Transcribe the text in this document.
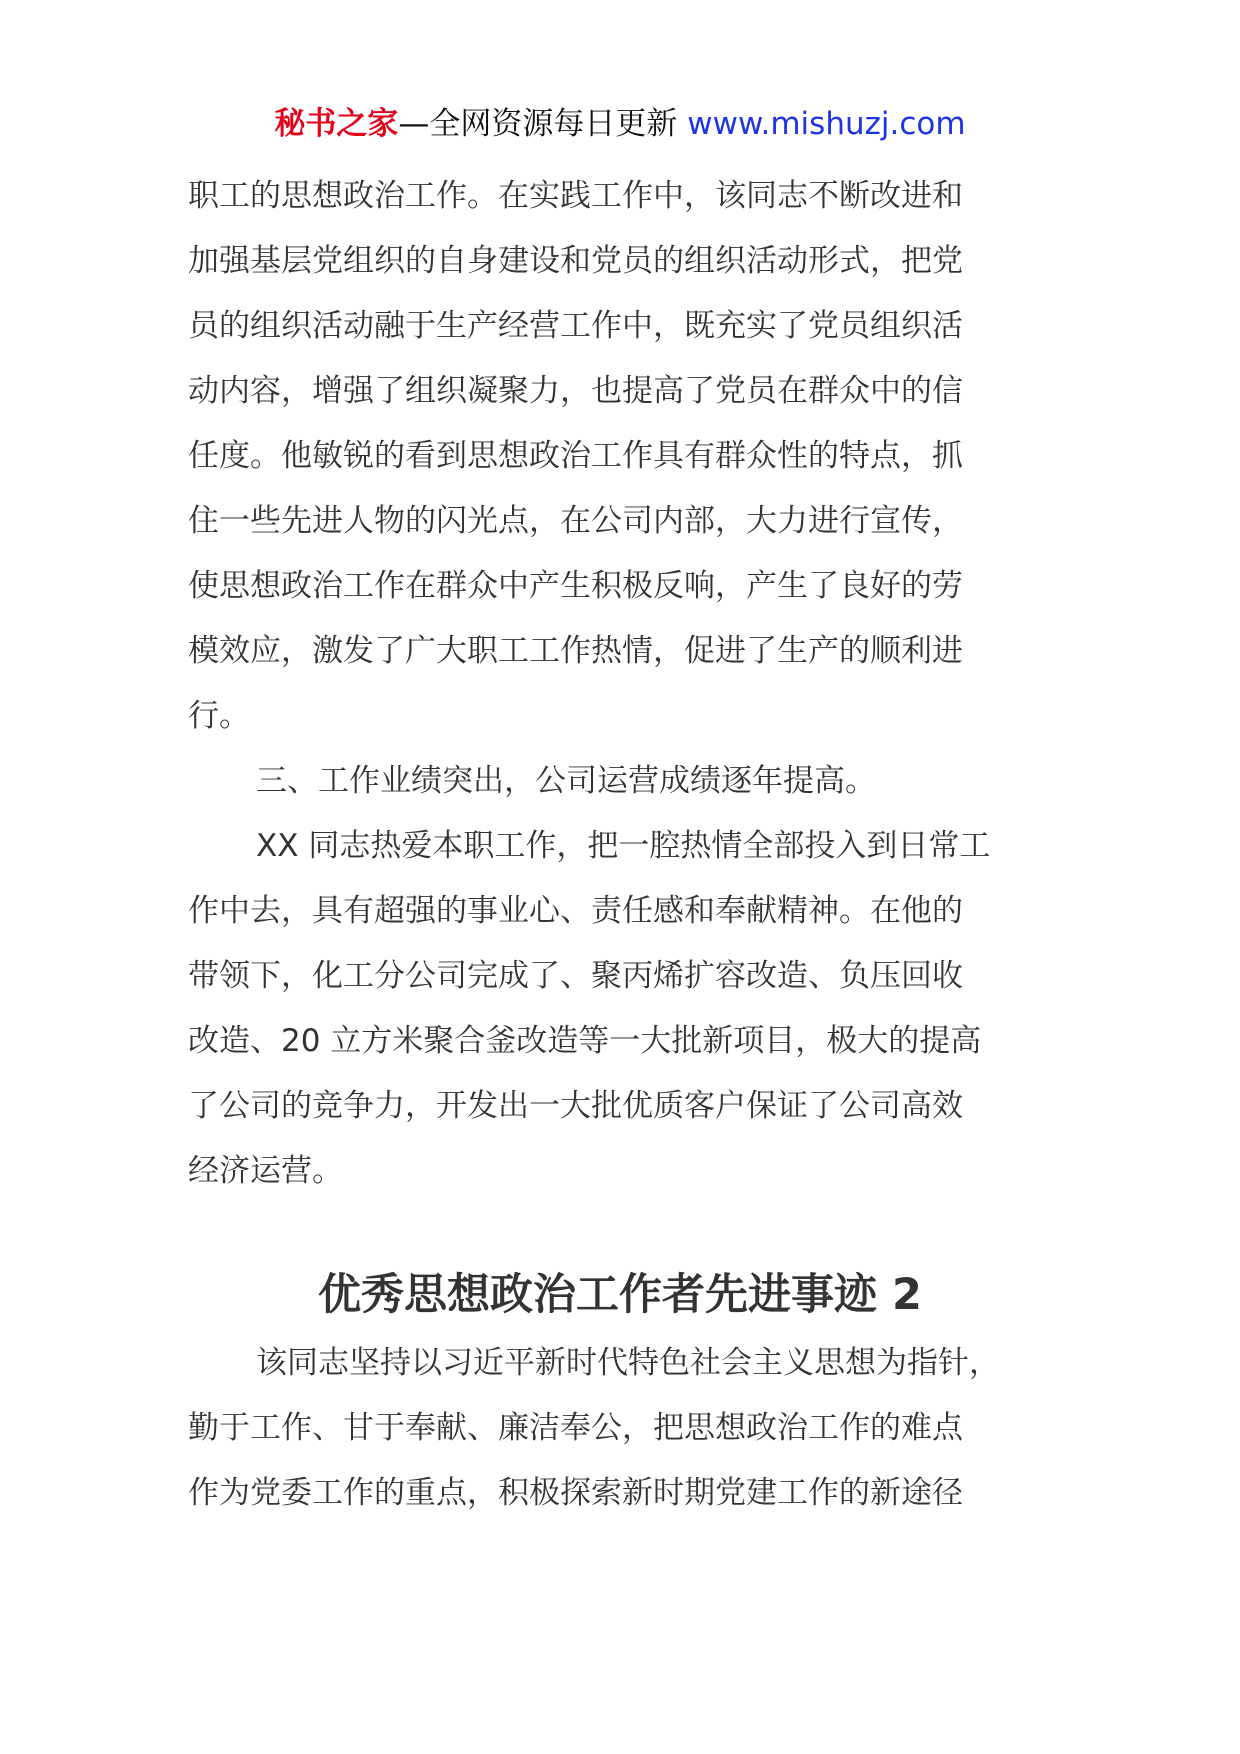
秘书之家—全网资源每日更新 www.mishuzj.com
职工的思想政治工作。在实践工作中，该同志不断改进和
加强基层党组织的自身建设和党员的组织活动形式，把党
员的组织活动融于生产经营工作中，既充实了党员组织活
动内容，增强了组织凝聚力，也提高了党员在群众中的信
任度。他敏锐的看到思想政治工作具有群众性的特点，抓
住一些先进人物的闪光点，在公司内部，大力进行宣传，
使思想政治工作在群众中产生积极反响，产生了良好的劳
模效应，激发了广大职工工作热情，促进了生产的顺利进
行。
三、工作业绩突出，公司运营成绩逐年提高。
XX 同志热爱本职工作，把一腔热情全部投入到日常工
作中去，具有超强的事业心、责任感和奉献精神。在他的
带领下，化工分公司完成了、聚丙烯扩容改造、负压回收
改造、20 立方米聚合釜改造等一大批新项目，极大的提高
了公司的竞争力，开发出一大批优质客户保证了公司高效
经济运营。
优秀思想政治工作者先进事迹 2
该同志坚持以习近平新时代特色社会主义思想为指针，
勤于工作、甘于奉献、廉洁奉公，把思想政治工作的难点
作为党委工作的重点，积极探索新时期党建工作的新途径
